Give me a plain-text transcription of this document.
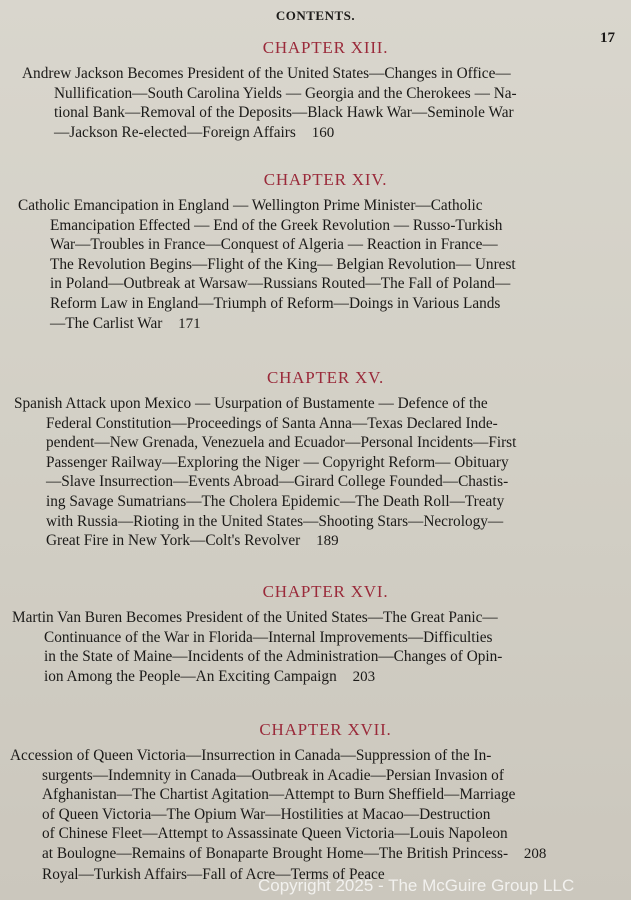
CONTENTS.
17
CHAPTER XIII.
Andrew Jackson Becomes President of the United States—Changes in Office—
Nullification—South Carolina Yields — Georgia and the Cherokees — Na-
tional Bank—Removal of the Deposits—Black Hawk War—Seminole War
—Jackson Re-elected—Foreign Affairs 160
CHAPTER XIV.
Catholic Emancipation in England — Wellington Prime Minister—Catholic
Emancipation Effected — End of the Greek Revolution — Russo-Turkish
War—Troubles in France—Conquest of Algeria — Reaction in France—
The Revolution Begins—Flight of the King— Belgian Revolution— Unrest
in Poland—Outbreak at Warsaw—Russians Routed—The Fall of Poland—
Reform Law in England—Triumph of Reform—Doings in Various Lands
—The Carlist War 171
CHAPTER XV.
Spanish Attack upon Mexico — Usurpation of Bustamente — Defence of the
Federal Constitution—Proceedings of Santa Anna—Texas Declared Inde-
pendent—New Grenada, Venezuela and Ecuador—Personal Incidents—First
Passenger Railway—Exploring the Niger — Copyright Reform— Obituary
—Slave Insurrection—Events Abroad—Girard College Founded—Chastis-
ing Savage Sumatrians—The Cholera Epidemic—The Death Roll—Treaty
with Russia—Rioting in the United States—Shooting Stars—Necrology—
Great Fire in New York—Colt's Revolver 189
CHAPTER XVI.
Martin Van Buren Becomes President of the United States—The Great Panic—
Continuance of the War in Florida—Internal Improvements—Difficulties
in the State of Maine—Incidents of the Administration—Changes of Opin-
ion Among the People—An Exciting Campaign 203
CHAPTER XVII.
Accession of Queen Victoria—Insurrection in Canada—Suppression of the In-
surgents—Indemnity in Canada—Outbreak in Acadie—Persian Invasion of
Afghanistan—The Chartist Agitation—Attempt to Burn Sheffield—Marriage
of Queen Victoria—The Opium War—Hostilities at Macao—Destruction
of Chinese Fleet—Attempt to Assassinate Queen Victoria—Louis Napoleon
at Boulogne—Remains of Bonaparte Brought Home—The British Princess- 208
Royal—Turkish Affairs—Fall of Acre—Terms of Peace
Copyright 2025 - The McGuire Group LLC
